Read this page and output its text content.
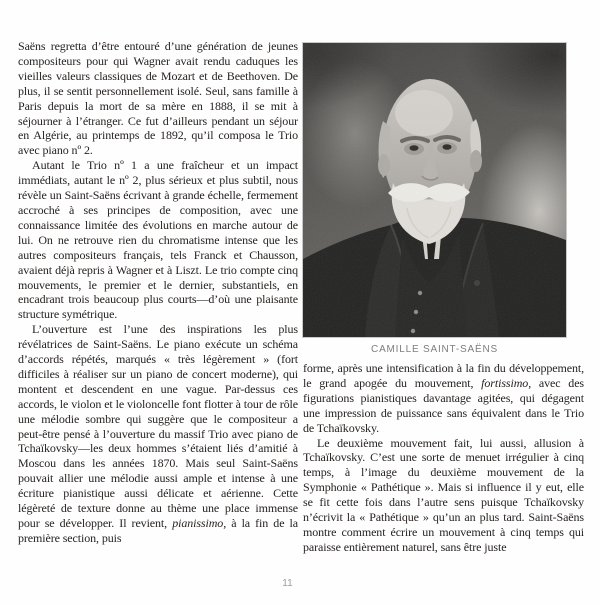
Saëns regretta d’être entouré d’une génération de jeunes compositeurs pour qui Wagner avait rendu caduques les vieilles valeurs classiques de Mozart et de Beethoven. De plus, il se sentit personnellement isolé. Seul, sans famille à Paris depuis la mort de sa mère en 1888, il se mit à séjourner à l’étranger. Ce fut d’ailleurs pendant un séjour en Algérie, au printemps de 1892, qu’il composa le Trio avec piano nº 2.

Autant le Trio nº 1 a une fraîcheur et un impact immédiats, autant le nº 2, plus sérieux et plus subtil, nous révèle un Saint-Saëns écrivant à grande échelle, fermement accroché à ses principes de composition, avec une connaissance limitée des évolutions en marche autour de lui. On ne retrouve rien du chromatisme intense que les autres compositeurs français, tels Franck et Chausson, avaient déjà repris à Wagner et à Liszt. Le trio compte cinq mouvements, le premier et le dernier, substantiels, en encadrant trois beaucoup plus courts—d’où une plaisante structure symétrique.

L’ouverture est l’une des inspirations les plus révélatrices de Saint-Saëns. Le piano exécute un schéma d’accords répétés, marqués « très légèrement » (fort difficiles à réaliser sur un piano de concert moderne), qui montent et descendent en une vague. Par-dessus ces accords, le violon et le violoncelle font flotter à tour de rôle une mélodie sombre qui suggère que le compositeur a peut-être pensé à l’ouverture du massif Trio avec piano de Tchaïkovsky—les deux hommes s’étaient liés d’amitié à Moscou dans les années 1870. Mais seul Saint-Saëns pouvait allier une mélodie aussi ample et intense à une écriture pianistique aussi délicate et aérienne. Cette légèreté de texture donne au thème une place immense pour se développer. Il revient, pianissimo, à la fin de la première section, puis

CAMILLE SAINT-SAËNS

forme, après une intensification à la fin du développement, le grand apogée du mouvement, fortissimo, avec des figurations pianistiques davantage agitées, qui dégagent une impression de puissance sans équivalent dans le Trio de Tchaïkovsky.

Le deuxième mouvement fait, lui aussi, allusion à Tchaïkovsky. C’est une sorte de menuet irrégulier à cinq temps, à l’image du deuxième mouvement de la Symphonie « Pathétique ». Mais si influence il y eut, elle se fit cette fois dans l’autre sens puisque Tchaïkovsky n’écrivit la « Pathétique » qu’un an plus tard. Saint-Saëns montre comment écrire un mouvement à cinq temps qui paraisse entièrement naturel, sans être juste

11
